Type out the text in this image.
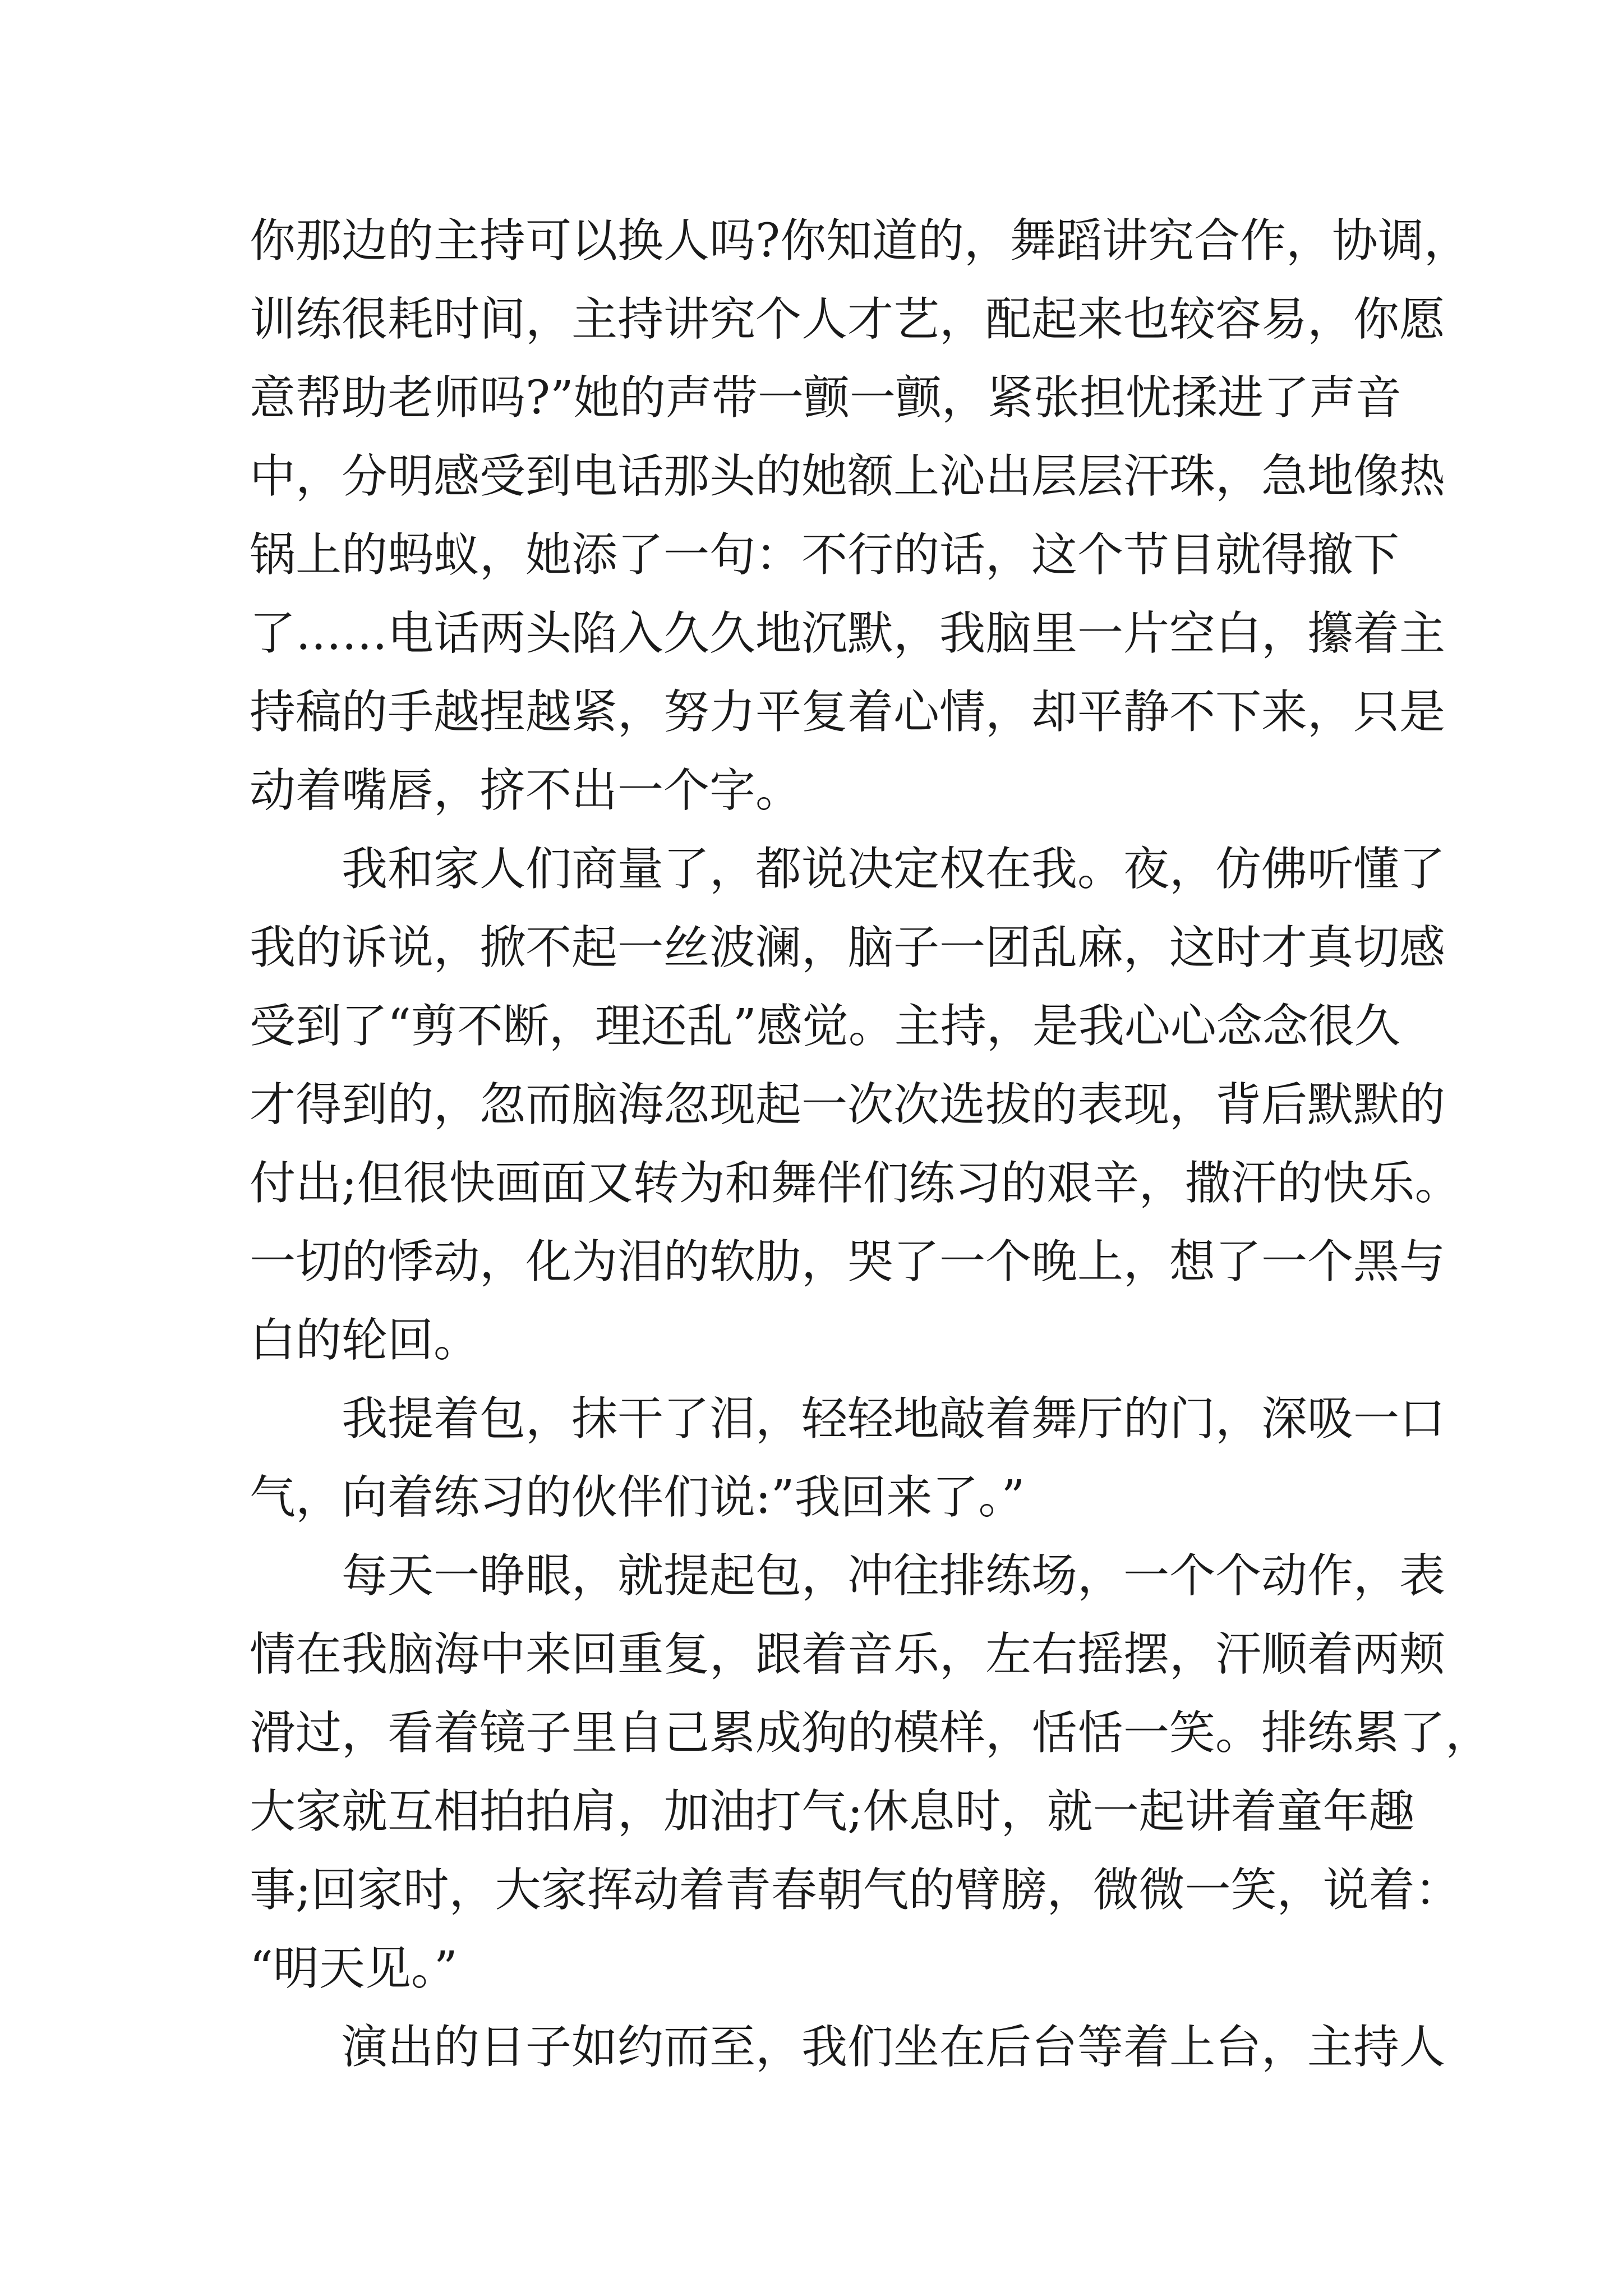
你那边的主持可以换人吗?你知道的，舞蹈讲究合作，协调，
训练很耗时间，主持讲究个人才艺，配起来也较容易，你愿
意帮助老师吗?”她的声带一颤一颤，紧张担忧揉进了声音
中，分明感受到电话那头的她额上沁出层层汗珠，急地像热
锅上的蚂蚁，她添了一句：不行的话，这个节目就得撤下
了……电话两头陷入久久地沉默，我脑里一片空白，攥着主
持稿的手越捏越紧，努力平复着心情，却平静不下来，只是
动着嘴唇，挤不出一个字。
我和家人们商量了，都说决定权在我。夜，仿佛听懂了
我的诉说，掀不起一丝波澜，脑子一团乱麻，这时才真切感
受到了“剪不断，理还乱”感觉。主持，是我心心念念很久
才得到的，忽而脑海忽现起一次次选拔的表现，背后默默的
付出;但很快画面又转为和舞伴们练习的艰辛，撒汗的快乐。
一切的悸动，化为泪的软肋，哭了一个晚上，想了一个黑与
白的轮回。
我提着包，抹干了泪，轻轻地敲着舞厅的门，深吸一口
气，向着练习的伙伴们说:”我回来了。”
每天一睁眼，就提起包，冲往排练场，一个个动作，表
情在我脑海中来回重复，跟着音乐，左右摇摆，汗顺着两颊
滑过，看着镜子里自己累成狗的模样，恬恬一笑。排练累了，
大家就互相拍拍肩，加油打气;休息时，就一起讲着童年趣
事;回家时，大家挥动着青春朝气的臂膀，微微一笑，说着：
“明天见。”
演出的日子如约而至，我们坐在后台等着上台，主持人
